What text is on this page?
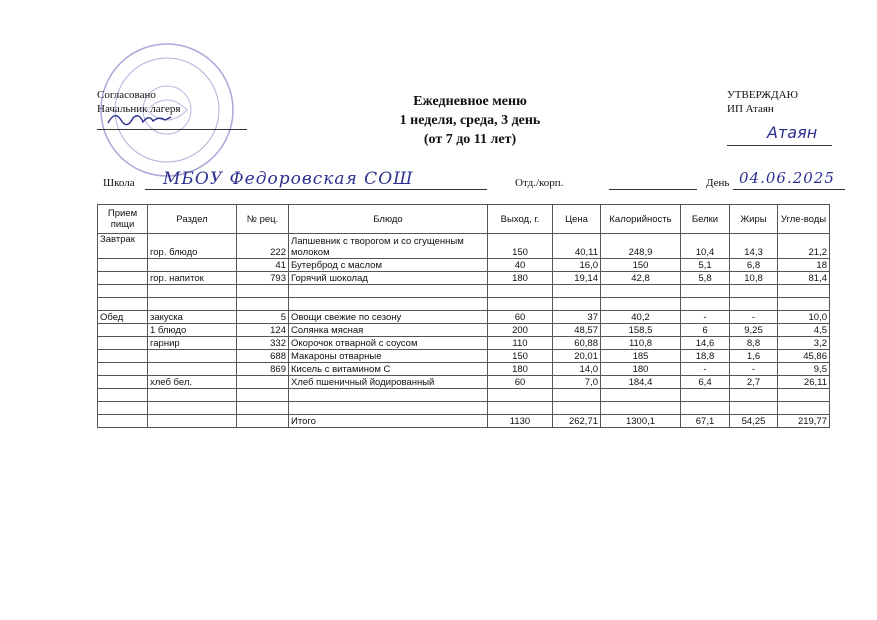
Согласовано
Начальник лагеря	Ежедневное меню
1 неделя, среда, 3 день
(от 7 до 11 лет)
УТВЕРЖДАЮ
ИП Атаян
Атаян
Школа МБОУ Федоровская СОШ	Отд./корп.	День 04.06.2025
Прием пищи	Раздел	№ рец.	Блюдо	Выход, г.	Цена	Калорийность	Белки	Жиры	Угле-воды
Завтрак	гор. блюдо	222	Лапшевник с творогом и со сгущенным молоком	150	40,11	248,9	10,4	14,3	21,2
		41	Бутерброд с маслом	40	16,0	150	5,1	6,8	18
	гор. напиток	793	Горячий шоколад	180	19,14	42,8	5,8	10,8	81,4

Обед	закуска	5	Овощи свежие по сезону	60	37	40,2	-	-	10,0
	1 блюдо	124	Солянка мясная	200	48,57	158,5	6	9,25	4,5
	гарнир	332	Окорочок отварной с соусом	110	60,88	110,8	14,6	8,8	3,2
		688	Макароны отварные	150	20,01	185	18,8	1,6	45,86
		869	Кисель с витамином С	180	14,0	180	-	-	9,5
	хлеб бел.		Хлеб пшеничный йодированный	60	7,0	184,4	6,4	2,7	26,11

			Итого	1130	262,71	1300,1	67,1	54,25	219,77
